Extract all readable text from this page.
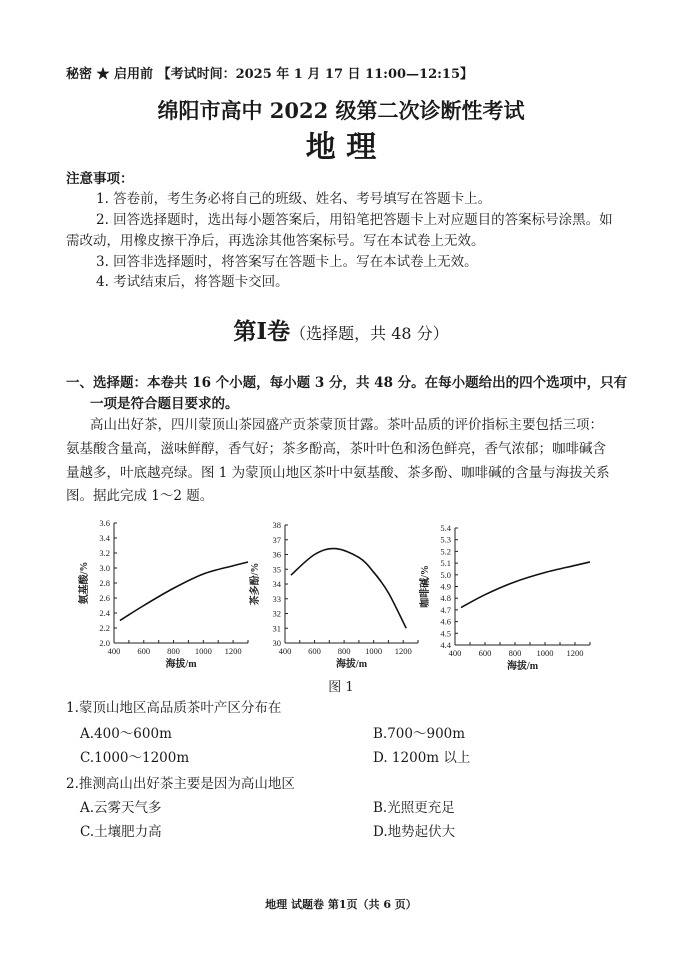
秘密 ★ 启用前 【考试时间：2025 年 1 月 17 日 11:00—12:15】
绵阳市高中 2022 级第二次诊断性考试
地 理
注意事项：
1. 答卷前，考生务必将自己的班级、姓名、考号填写在答题卡上。
2. 回答选择题时，选出每小题答案后，用铅笔把答题卡上对应题目的答案标号涂黑。如
需改动，用橡皮擦干净后，再选涂其他答案标号。写在本试卷上无效。
3. 回答非选择题时，将答案写在答题卡上。写在本试卷上无效。
4. 考试结束后，将答题卡交回。
第Ⅰ卷（选择题，共 48 分）
一、选择题：本卷共 16 个小题，每小题 3 分，共 48 分。在每小题给出的四个选项中，只有
一项是符合题目要求的。
高山出好茶，四川蒙顶山茶园盛产贡茶蒙顶甘露。茶叶品质的评价指标主要包括三项：
氨基酸含量高，滋味鲜醇，香气好；茶多酚高，茶叶叶色和汤色鲜亮，香气浓郁；咖啡碱含
量越多，叶底越亮绿。图 1 为蒙顶山地区茶叶中氨基酸、茶多酚、咖啡碱的含量与海拔关系
图。据此完成 1～2 题。
2.0
2.2
2.4
2.6
2.8
3.0
3.2
3.4
3.6
400 600 800 1000 1200
海拔/m
氨基酸/%
30
31
32
33
34
35
36
37
38
400 600 800 1000 1200
海拔/m
茶多酚/%
4.4
4.5
4.6
4.7
4.8
4.9
5.0
5.1
5.2
5.3
5.4
400 600 800 1000 1200
海拔/m
咖啡碱/%
图 1
1.蒙顶山地区高品质茶叶产区分布在
A.400～600m	B.700～900m
C.1000～1200m	D. 1200m 以上
2.推测高山出好茶主要是因为高山地区
A.云雾天气多	B.光照更充足
C.土壤肥力高	D.地势起伏大
地理 试题卷 第1页（共 6 页）
